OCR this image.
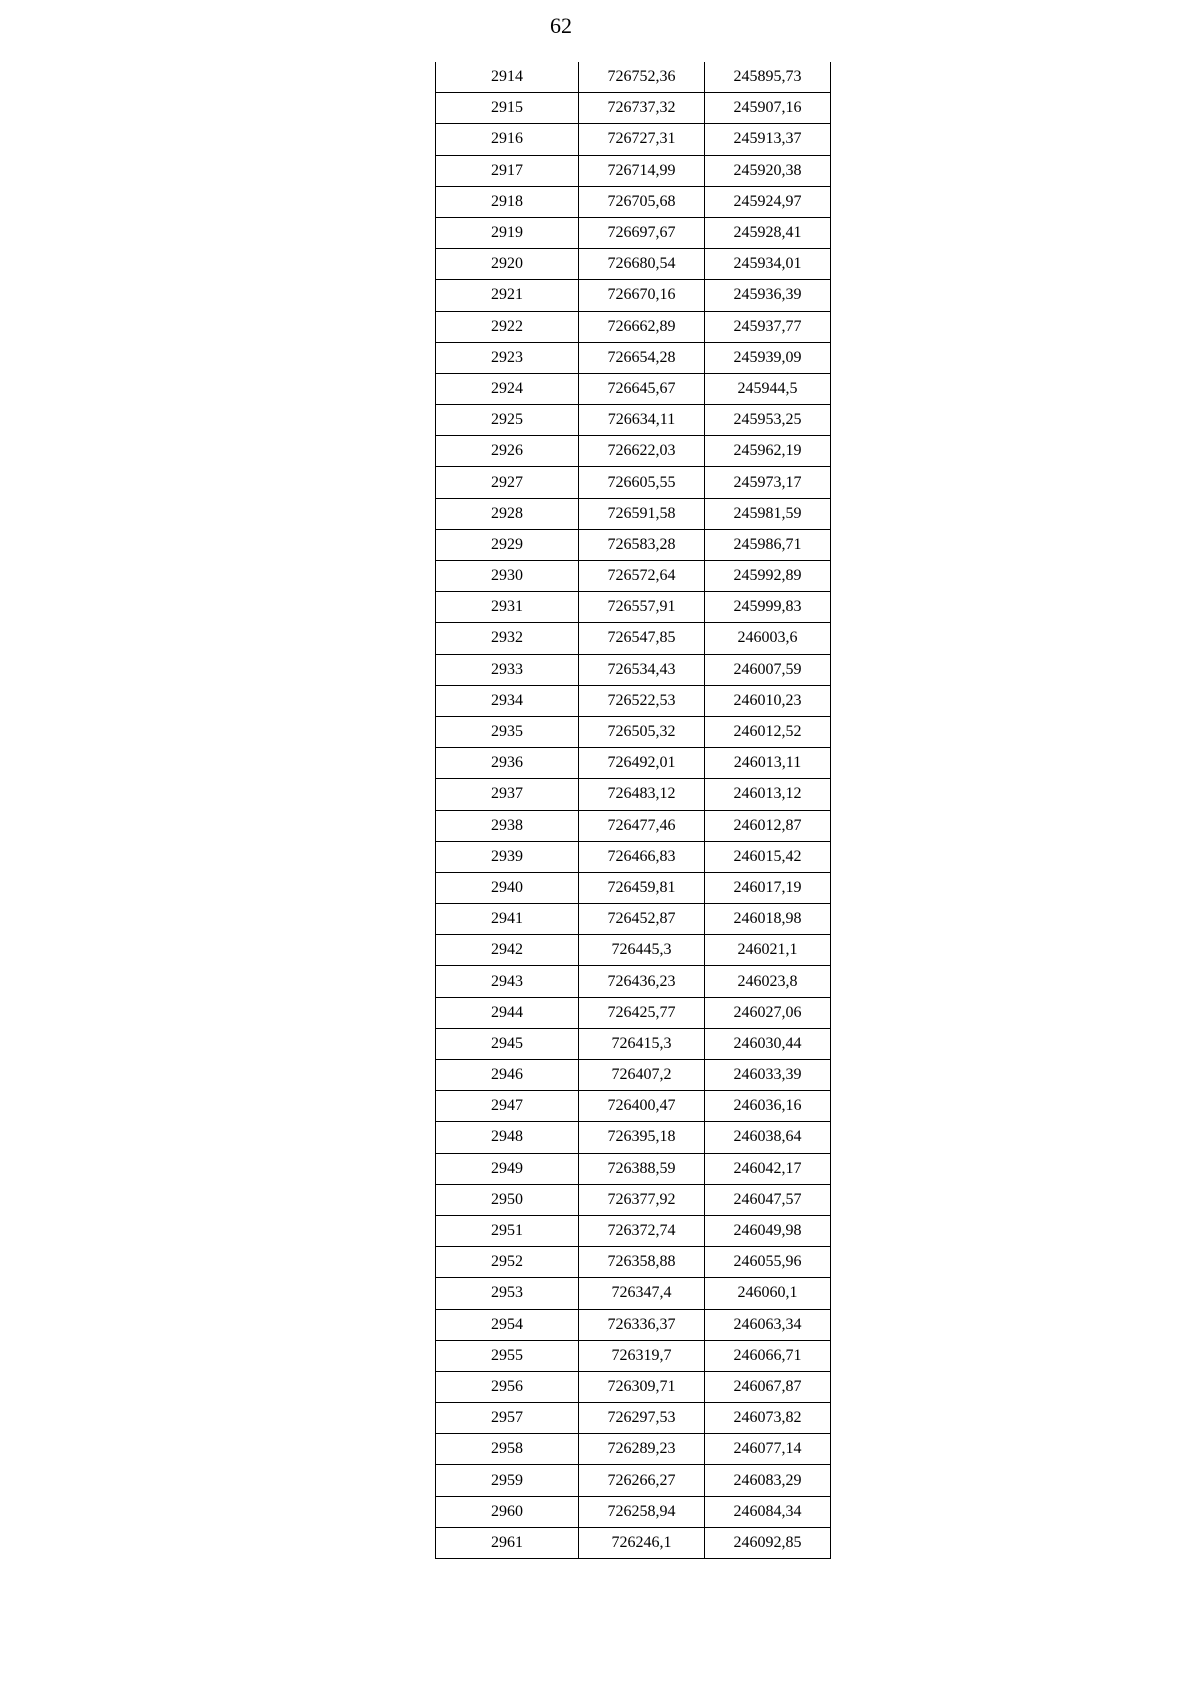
62
2914	726752,36	245895,73
2915	726737,32	245907,16
2916	726727,31	245913,37
2917	726714,99	245920,38
2918	726705,68	245924,97
2919	726697,67	245928,41
2920	726680,54	245934,01
2921	726670,16	245936,39
2922	726662,89	245937,77
2923	726654,28	245939,09
2924	726645,67	245944,5
2925	726634,11	245953,25
2926	726622,03	245962,19
2927	726605,55	245973,17
2928	726591,58	245981,59
2929	726583,28	245986,71
2930	726572,64	245992,89
2931	726557,91	245999,83
2932	726547,85	246003,6
2933	726534,43	246007,59
2934	726522,53	246010,23
2935	726505,32	246012,52
2936	726492,01	246013,11
2937	726483,12	246013,12
2938	726477,46	246012,87
2939	726466,83	246015,42
2940	726459,81	246017,19
2941	726452,87	246018,98
2942	726445,3	246021,1
2943	726436,23	246023,8
2944	726425,77	246027,06
2945	726415,3	246030,44
2946	726407,2	246033,39
2947	726400,47	246036,16
2948	726395,18	246038,64
2949	726388,59	246042,17
2950	726377,92	246047,57
2951	726372,74	246049,98
2952	726358,88	246055,96
2953	726347,4	246060,1
2954	726336,37	246063,34
2955	726319,7	246066,71
2956	726309,71	246067,87
2957	726297,53	246073,82
2958	726289,23	246077,14
2959	726266,27	246083,29
2960	726258,94	246084,34
2961	726246,1	246092,85
